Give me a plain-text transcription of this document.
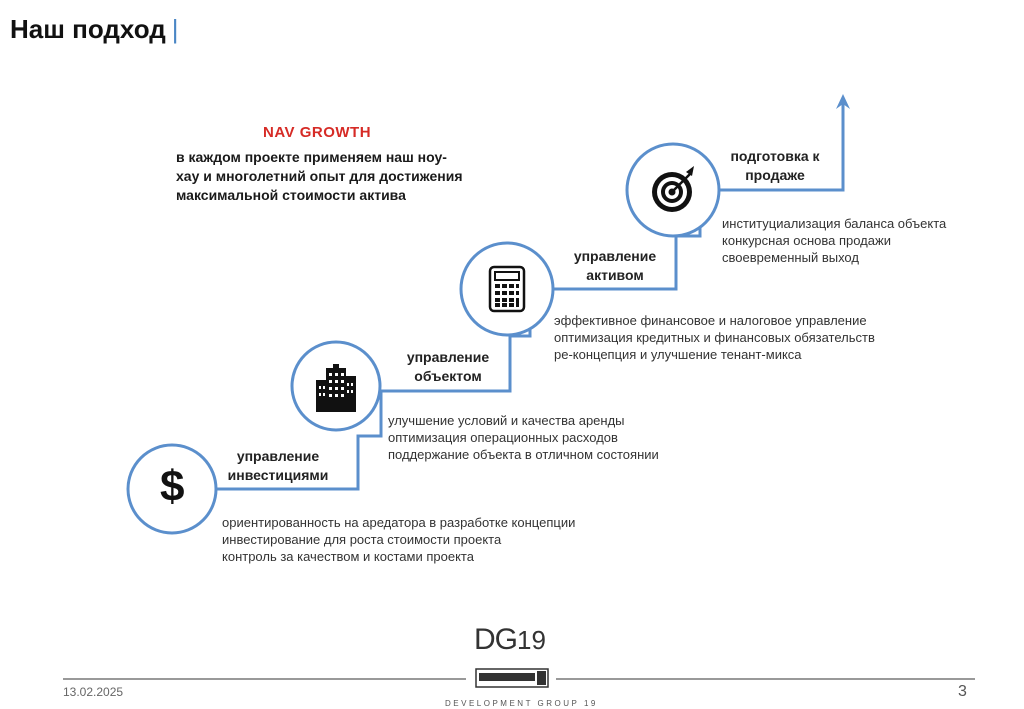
Наш подход |
NAV GROWTH
в каждом проекте применяем наш ноу-
хау и многолетний опыт для достижения
максимальной стоимости актива
$
управление
инвестициями
управление
объектом
управление
активом
подготовка к
продаже
ориентированность на аредатора в разработке концепции
инвестирование для роста стоимости проекта
контроль за качеством и костами проекта
улучшение условий и качества аренды
оптимизация операционных расходов
поддержание объекта в отличном состоянии
эффективное финансовое и налоговое управление
оптимизация кредитных и финансовых обязательств
ре-концепция и улучшение тенант-микса
институциализация баланса объекта
конкурсная основа продажи
своевременный выход
DG19
DEVELOPMENT GROUP 19
13.02.2025	3
